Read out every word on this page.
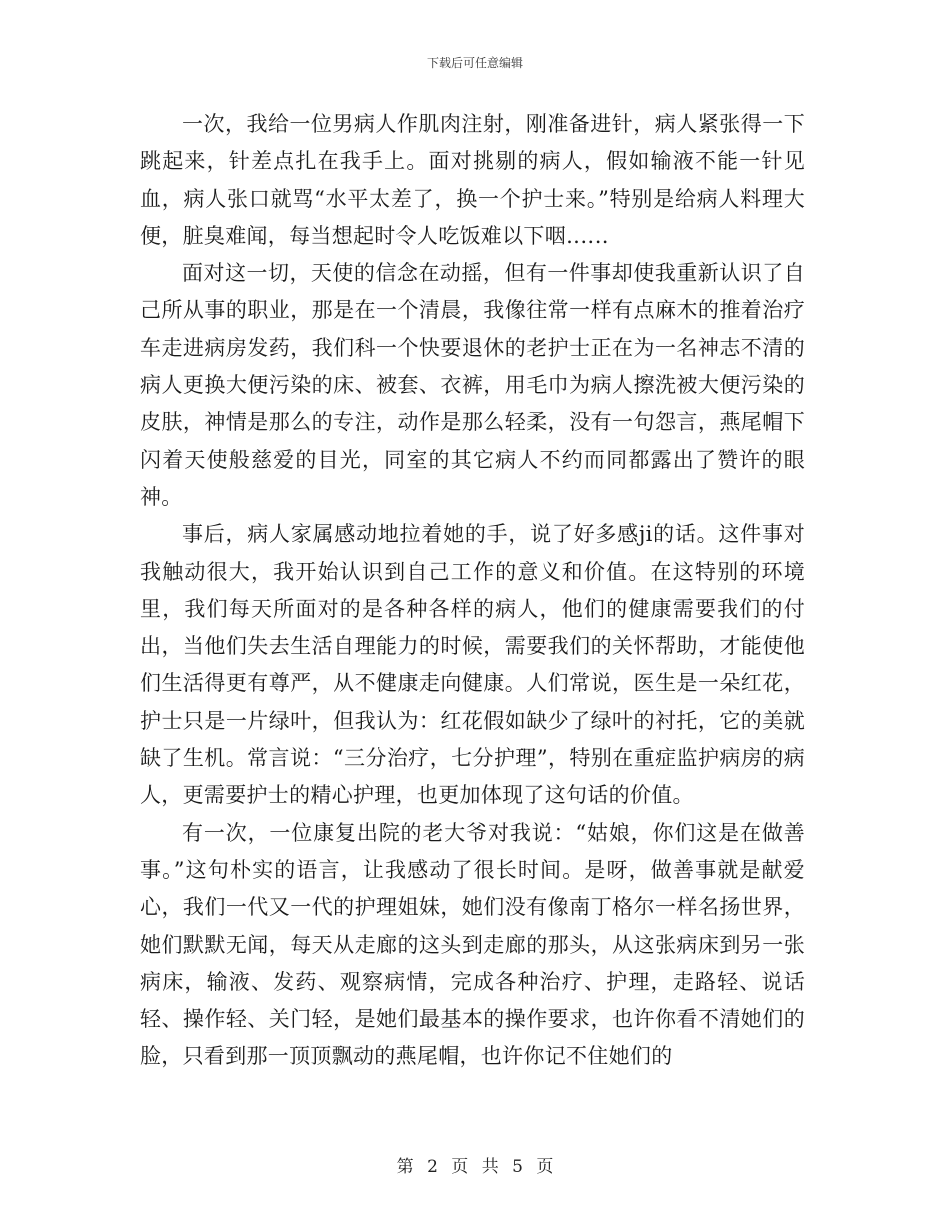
下载后可任意编辑

一次，我给一位男病人作肌肉注射，刚准备进针，病人紧张得一下跳起来，针差点扎在我手上。面对挑剔的病人，假如输液不能一针见血，病人张口就骂“水平太差了，换一个护士来。”特别是给病人料理大便，脏臭难闻，每当想起时令人吃饭难以下咽‥‥‥

面对这一切，天使的信念在动摇，但有一件事却使我重新认识了自己所从事的职业，那是在一个清晨，我像往常一样有点麻木的推着治疗车走进病房发药，我们科一个快要退休的老护士正在为一名神志不清的病人更换大便污染的床、被套、衣裤，用毛巾为病人擦洗被大便污染的皮肤，神情是那么的专注，动作是那么轻柔，没有一句怨言，燕尾帽下闪着天使般慈爱的目光，同室的其它病人不约而同都露出了赞许的眼神。

事后，病人家属感动地拉着她的手，说了好多感ji的话。这件事对我触动很大，我开始认识到自己工作的意义和价值。在这特别的环境里，我们每天所面对的是各种各样的病人，他们的健康需要我们的付出，当他们失去生活自理能力的时候，需要我们的关怀帮助，才能使他们生活得更有尊严，从不健康走向健康。人们常说，医生是一朵红花，护士只是一片绿叶，但我认为：红花假如缺少了绿叶的衬托，它的美就缺了生机。常言说：“三分治疗，七分护理”，特别在重症监护病房的病人，更需要护士的精心护理，也更加体现了这句话的价值。

有一次，一位康复出院的老大爷对我说：“姑娘，你们这是在做善事。”这句朴实的语言，让我感动了很长时间。是呀，做善事就是献爱心，我们一代又一代的护理姐妹，她们没有像南丁格尔一样名扬世界，她们默默无闻，每天从走廊的这头到走廊的那头，从这张病床到另一张病床，输液、发药、观察病情，完成各种治疗、护理，走路轻、说话轻、操作轻、关门轻，是她们最基本的操作要求，也许你看不清她们的脸，只看到那一顶顶飘动的燕尾帽，也许你记不住她们的

第 2 页 共 5 页
